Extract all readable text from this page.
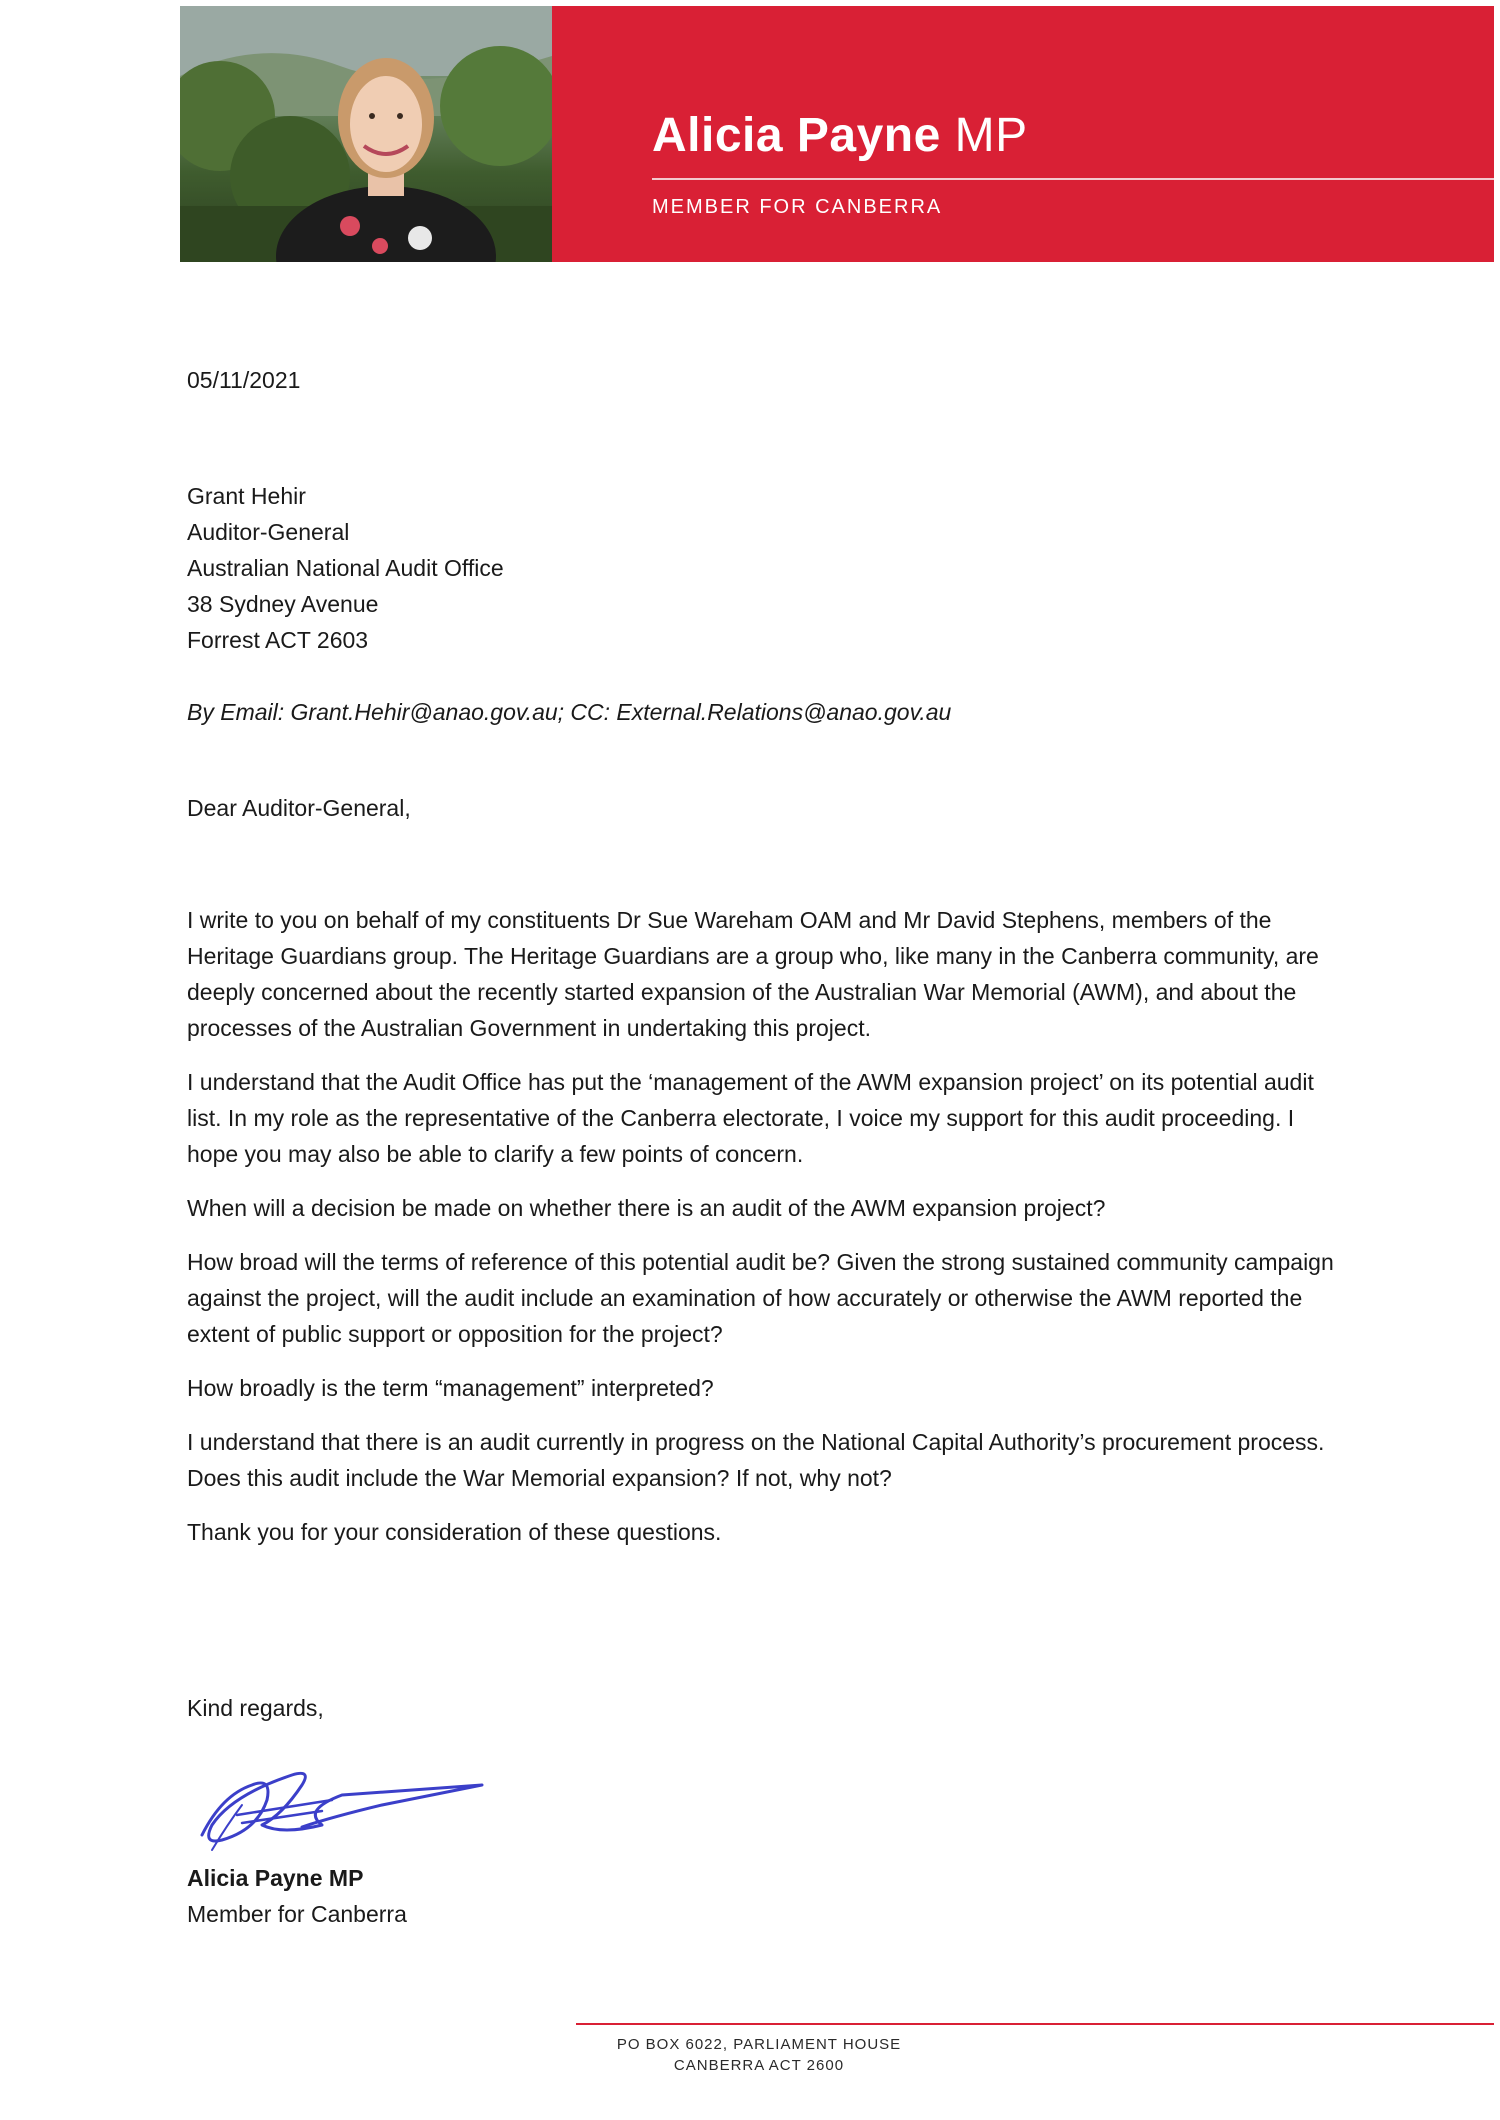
Alicia Payne MP
MEMBER FOR CANBERRA
05/11/2021
Grant Hehir
Auditor-General
Australian National Audit Office
38 Sydney Avenue
Forrest ACT 2603
By Email: Grant.Hehir@anao.gov.au; CC: External.Relations@anao.gov.au
Dear Auditor-General,

I write to you on behalf of my constituents Dr Sue Wareham OAM and Mr David Stephens, members of the Heritage Guardians group. The Heritage Guardians are a group who, like many in the Canberra community, are deeply concerned about the recently started expansion of the Australian War Memorial (AWM), and about the processes of the Australian Government in undertaking this project.

I understand that the Audit Office has put the ‘management of the AWM expansion project’ on its potential audit list. In my role as the representative of the Canberra electorate, I voice my support for this audit proceeding. I hope you may also be able to clarify a few points of concern.

When will a decision be made on whether there is an audit of the AWM expansion project?

How broad will the terms of reference of this potential audit be? Given the strong sustained community campaign against the project, will the audit include an examination of how accurately or otherwise the AWM reported the extent of public support or opposition for the project?

How broadly is the term “management” interpreted?

I understand that there is an audit currently in progress on the National Capital Authority’s procurement process. Does this audit include the War Memorial expansion? If not, why not?

Thank you for your consideration of these questions.

Kind regards,
Alicia Payne MP
Member for Canberra
PO BOX 6022, PARLIAMENT HOUSE
CANBERRA ACT 2600
